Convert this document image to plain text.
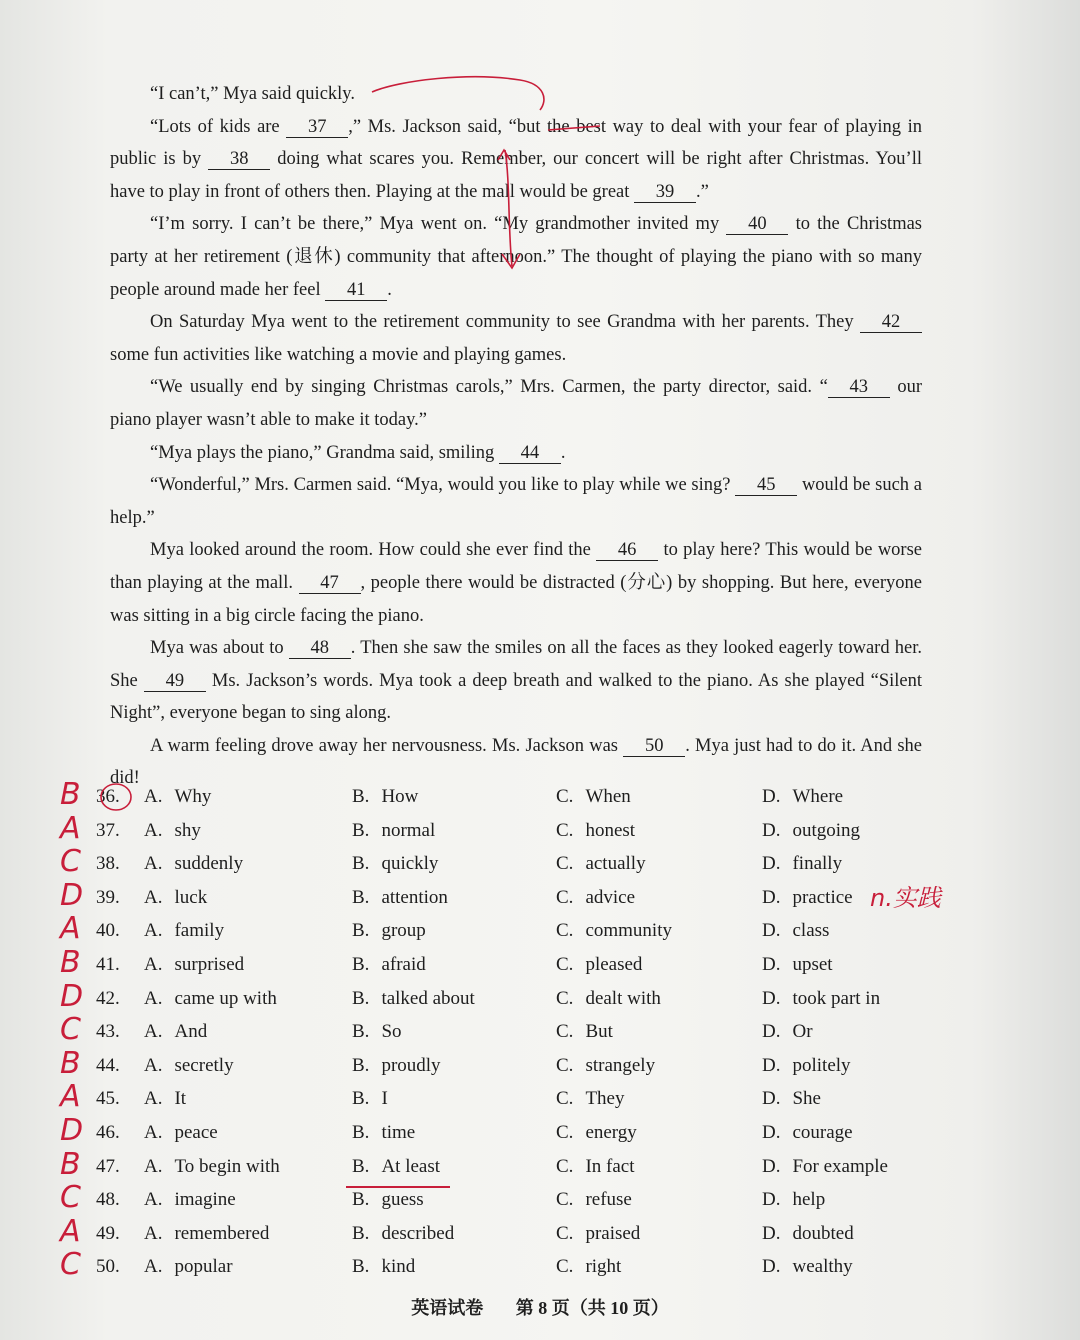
“I can’t,” Mya said quickly.

“Lots of kids are 37 ,” Ms. Jackson said, “but the best way to deal with your fear of playing in public is by 38 doing what scares you. Remember, our concert will be right after Christmas. You’ll have to play in front of others then. Playing at the mall would be great 39 .”

“I’m sorry. I can’t be there,” Mya went on. “My grandmother invited my 40 to the Christmas party at her retirement (退休) community that afternoon.” The thought of playing the piano with so many people around made her feel 41 .

On Saturday Mya went to the retirement community to see Grandma with her parents. They 42 some fun activities like watching a movie and playing games.

“We usually end by singing Christmas carols,” Mrs. Carmen, the party director, said. “ 43 our piano player wasn’t able to make it today.”

“Mya plays the piano,” Grandma said, smiling 44 .

“Wonderful,” Mrs. Carmen said. “Mya, would you like to play while we sing? 45 would be such a help.”

Mya looked around the room. How could she ever find the 46 to play here? This would be worse than playing at the mall. 47 , people there would be distracted (分心) by shopping. But here, everyone was sitting in a big circle facing the piano.

Mya was about to 48 . Then she saw the smiles on all the faces as they looked eagerly toward her. She 49 Ms. Jackson’s words. Mya took a deep breath and walked to the piano. As she played “Silent Night”, everyone began to sing along.

A warm feeling drove away her nervousness. Ms. Jackson was 50 . Mya just had to do it. And she did!

B 36.	A. Why	B. How	C. When	D. Where
A 37.	A. shy	B. normal	C. honest	D. outgoing
C 38.	A. suddenly	B. quickly	C. actually	D. finally
D 39.	A. luck	B. attention	C. advice	D. practice
A 40.	A. family	B. group	C. community	D. class
B 41.	A. surprised	B. afraid	C. pleased	D. upset
D 42.	A. came up with	B. talked about	C. dealt with	D. took part in
C 43.	A. And	B. So	C. But	D. Or
B 44.	A. secretly	B. proudly	C. strangely	D. politely
A 45.	A. It	B. I	C. They	D. She
D 46.	A. peace	B. time	C. energy	D. courage
B 47.	A. To begin with	B. At least	C. In fact	D. For example
C 48.	A. imagine	B. guess	C. refuse	D. help
A 49.	A. remembered	B. described	C. praised	D. doubted
C 50.	A. popular	B. kind	C. right	D. wealthy
n.实践
英语试卷 第 8 页（共 10 页）
